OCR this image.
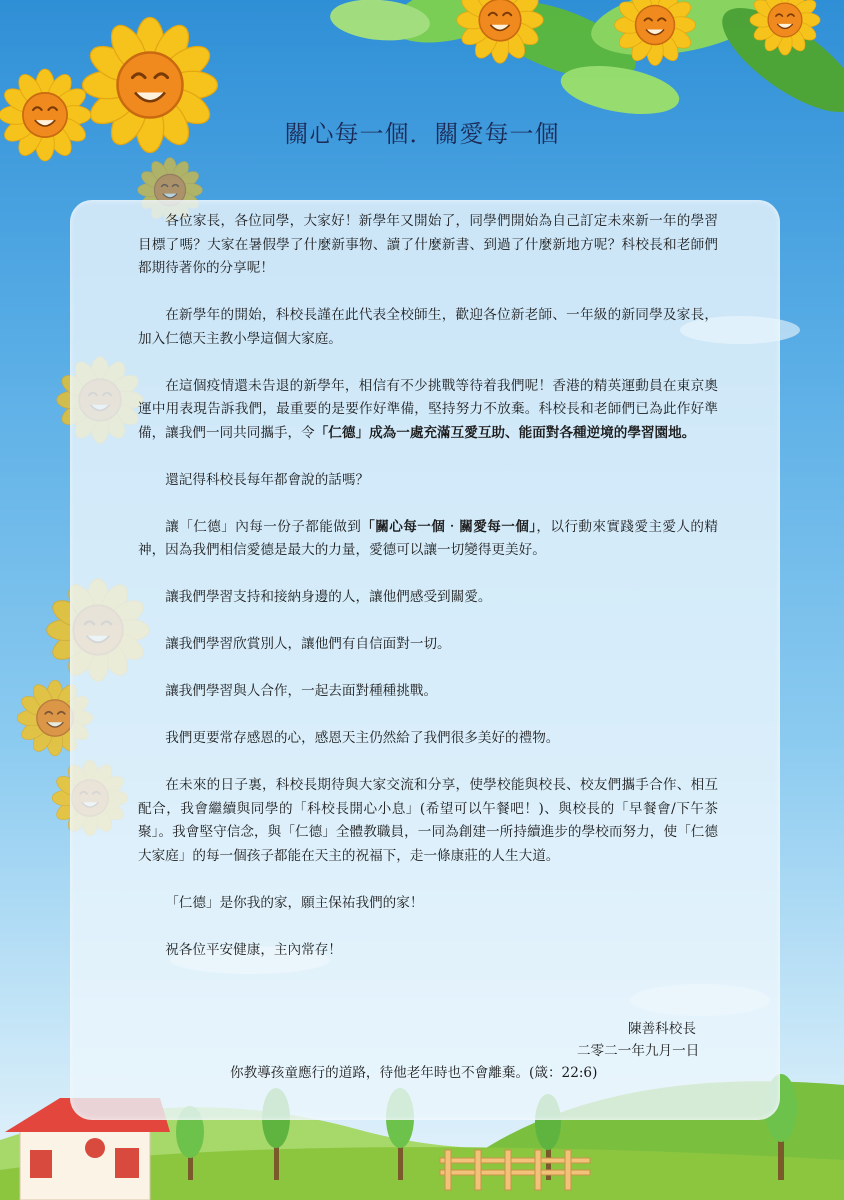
關心每一個．關愛每一個

各位家長，各位同學，大家好！新學年又開始了，同學們開始為自己訂定未來新一年的學習目標了嗎？大家在暑假學了什麼新事物、讀了什麼新書、到過了什麼新地方呢？科校長和老師們都期待著你的分享呢！

在新學年的開始，科校長謹在此代表全校師生，歡迎各位新老師、一年級的新同學及家長，加入仁德天主教小學這個大家庭。

在這個疫情還未告退的新學年，相信有不少挑戰等待着我們呢！香港的精英運動員在東京奧運中用表現告訴我們，最重要的是要作好準備，堅持努力不放棄。科校長和老師們已為此作好準備，讓我們一同共同攜手，令「仁德」成為一處充滿互愛互助、能面對各種逆境的學習園地。

還記得科校長每年都會說的話嗎？

讓「仁德」內每一份子都能做到「關心每一個‧關愛每一個」，以行動來實踐愛主愛人的精神，因為我們相信愛德是最大的力量，愛德可以讓一切變得更美好。

讓我們學習支持和接納身邊的人，讓他們感受到關愛。

讓我們學習欣賞別人，讓他們有自信面對一切。

讓我們學習與人合作，一起去面對種種挑戰。

我們更要常存感恩的心，感恩天主仍然給了我們很多美好的禮物。

在未來的日子裏，科校長期待與大家交流和分享，使學校能與校長、校友們攜手合作、相互配合，我會繼續與同學的「科校長開心小息」(希望可以午餐吧！)、與校長的「早餐會/下午茶聚」。我會堅守信念，與「仁德」全體教職員，一同為創建一所持續進步的學校而努力，使「仁德大家庭」的每一個孩子都能在天主的祝福下，走一條康莊的人生大道。

「仁德」是你我的家，願主保祐我們的家！

祝各位平安健康，主內常存！

陳善科校長
二零二一年九月一日
你教導孩童應行的道路，待他老年時也不會離棄。(箴：22:6)
